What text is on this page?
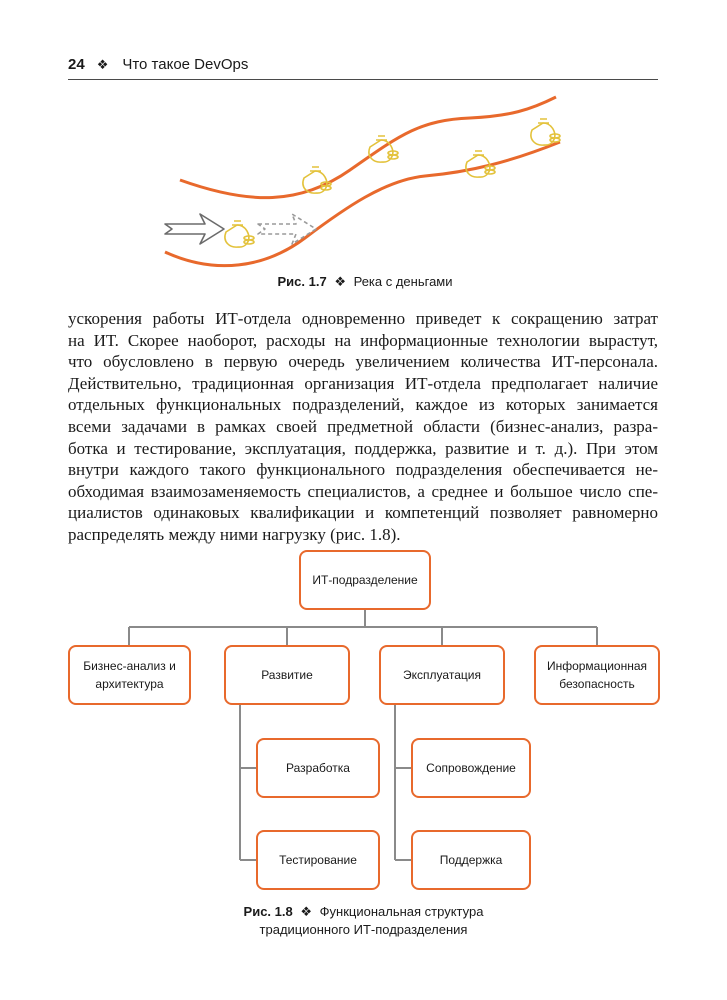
24 ❖ Что такое DevOps
Рис. 1.7 ❖ Река с деньгами
ускорения работы ИТ-отдела одновременно приведет к сокращению затрат
на ИТ. Скорее наоборот, расходы на информационные технологии вырастут,
что обусловлено в первую очередь увеличением количества ИТ-персонала.
Действительно, традиционная организация ИТ-отдела предполагает наличие
отдельных функциональных подразделений, каждое из которых занимается
всеми задачами в рамках своей предметной области (бизнес-анализ, разра-
ботка и тестирование, эксплуатация, поддержка, развитие и т. д.). При этом
внутри каждого такого функционального подразделения обеспечивается не-
обходимая взаимозаменяемость специалистов, а среднее и большое число спе-
циалистов одинаковых квалификации и компетенций позволяет равномерно
распределять между ними нагрузку (рис. 1.8).
ИТ-подразделение
Бизнес-анализ и архитектура
Развитие	Эксплуатация
Информационная безопасность
Разработка
Тестирование
Сопровождение
Поддержка
Рис. 1.8 ❖ Функциональная структура
традиционного ИТ-подразделения
